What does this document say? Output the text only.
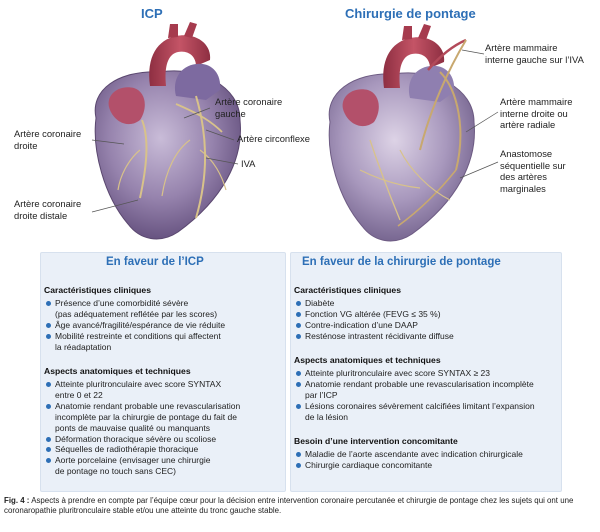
ICP	Chirurgie de pontage
Artère coronaire
gauche
Artère coronaire
droite
Artère circonflexe
IVA
Artère coronaire
droite distale
Artère mammaire
interne gauche sur l’IVA
Artère mammaire
interne droite ou
artère radiale
Anastomose
séquentielle sur
des artères
marginales
En faveur de l’ICP
Caractéristiques cliniques
Présence d’une comorbidité sévère
(pas adéquatement reflétée par les scores)
Âge avancé/fragilité/espérance de vie réduite
Mobilité restreinte et conditions qui affectent
la réadaptation
Aspects anatomiques et techniques
Atteinte pluritronculaire avec score SYNTAX
entre 0 et 22
Anatomie rendant probable une revascularisation
incomplète par la chirurgie de pontage du fait de
ponts de mauvaise qualité ou manquants
Déformation thoracique sévère ou scoliose
Séquelles de radiothérapie thoracique
Aorte porcelaine (envisager une chirurgie
de pontage no touch sans CEC)
En faveur de la chirurgie de pontage
Caractéristiques cliniques
Diabète
Fonction VG altérée (FEVG ≤ 35 %)
Contre-indication d’une DAAP
Resténose intrastent récidivante diffuse
Aspects anatomiques et techniques
Atteinte pluritronculaire avec score SYNTAX ≥ 23
Anatomie rendant probable une revascularisation incomplète
par l’ICP
Lésions coronaires sévèrement calcifiées limitant l’expansion
de la lésion
Besoin d’une intervention concomitante
Maladie de l’aorte ascendante avec indication chirurgicale
Chirurgie cardiaque concomitante
Fig. 4 : Aspects à prendre en compte par l’équipe cœur pour la décision entre intervention coronaire percutanée et chirurgie de pontage chez les sujets qui ont une coronaropathie pluritronculaire stable et/ou une atteinte du tronc gauche stable.
